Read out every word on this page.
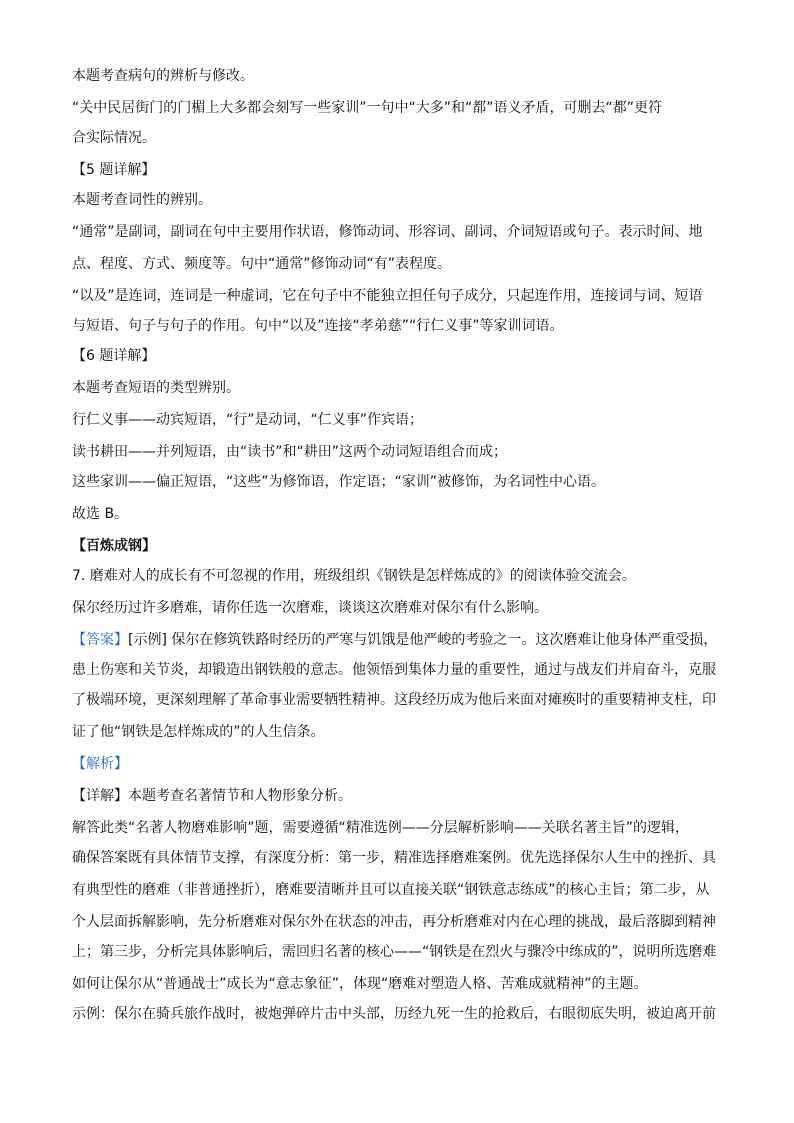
本题考查病句的辨析与修改。
“关中民居街门的门楣上大多都会刻写一些家训”一句中“大多”和“都”语义矛盾，可删去“都”更符
合实际情况。
【5 题详解】
本题考查词性的辨别。
“通常”是副词，副词在句中主要用作状语，修饰动词、形容词、副词、介词短语或句子。表示时间、地
点、程度、方式、频度等。句中“通常”修饰动词“有”表程度。
“以及”是连词，连词是一种虚词，它在句子中不能独立担任句子成分，只起连作用，连接词与词、短语
与短语、句子与句子的作用。句中“以及”连接“孝弟慈”“行仁义事”等家训词语。
【6 题详解】
本题考查短语的类型辨别。
行仁义事——动宾短语，“行”是动词，“仁义事”作宾语；
读书耕田——并列短语，由“读书”和“耕田”这两个动词短语组合而成；
这些家训——偏正短语，“这些”为修饰语，作定语；“家训”被修饰，为名词性中心语。
故选 B。
【百炼成钢】
7. 磨难对人的成长有不可忽视的作用，班级组织《钢铁是怎样炼成的》的阅读体验交流会。
保尔经历过许多磨难，请你任选一次磨难，谈谈这次磨难对保尔有什么影响。
【答案】[示例] 保尔在修筑铁路时经历的严寒与饥饿是他严峻的考验之一。这次磨难让他身体严重受损，
患上伤寒和关节炎，却锻造出钢铁般的意志。他领悟到集体力量的重要性，通过与战友们并肩奋斗，克服
了极端环境，更深刻理解了革命事业需要牺牲精神。这段经历成为他后来面对瘫痪时的重要精神支柱，印
证了他“钢铁是怎样炼成的”的人生信条。
【解析】
【详解】本题考查名著情节和人物形象分析。
解答此类“名著人物磨难影响”题，需要遵循“精准选例——分层解析影响——关联名著主旨”的逻辑，
确保答案既有具体情节支撑，有深度分析：第一步，精准选择磨难案例。优先选择保尔人生中的挫折、具
有典型性的磨难（非普通挫折），磨难要清晰并且可以直接关联“钢铁意志练成”的核心主旨；第二步，从
个人层面拆解影响，先分析磨难对保尔外在状态的冲击，再分析磨难对内在心理的挑战，最后落脚到精神
上；第三步，分析完具体影响后，需回归名著的核心——“钢铁是在烈火与骤冷中练成的”，说明所选磨难
如何让保尔从“普通战士”成长为“意志象征”，体现“磨难对塑造人格、苦难成就精神”的主题。
示例：保尔在骑兵旅作战时，被炮弹碎片击中头部，历经九死一生的抢救后，右眼彻底失明，被迫离开前
